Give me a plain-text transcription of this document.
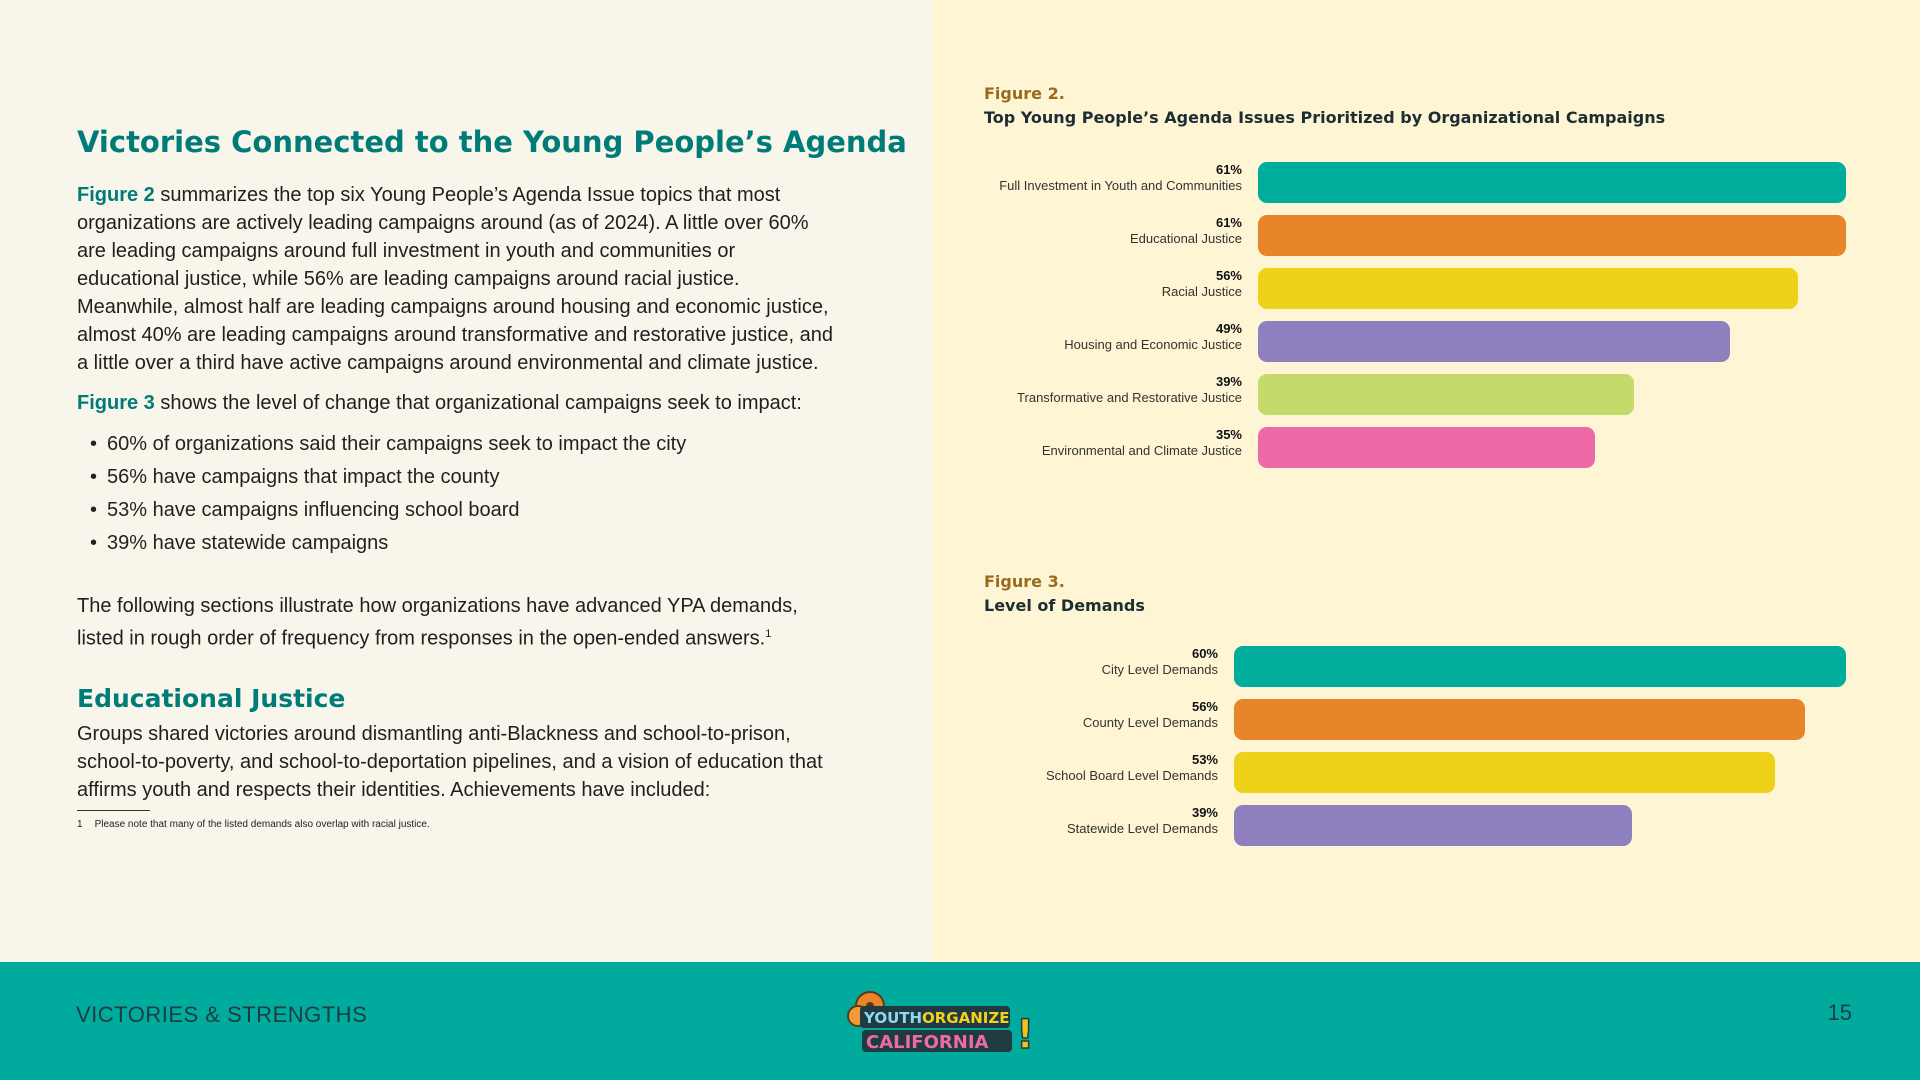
Victories Connected to the Young People’s Agenda

Figure 2 summarizes the top six Young People’s Agenda Issue topics that most organizations are actively leading campaigns around (as of 2024). A little over 60% are leading campaigns around full investment in youth and communities or educational justice, while 56% are leading campaigns around racial justice. Meanwhile, almost half are leading campaigns around housing and economic justice, almost 40% are leading campaigns around transformative and restorative justice, and a little over a third have active campaigns around environmental and climate justice.

Figure 3 shows the level of change that organizational campaigns seek to impact:

• 60% of organizations said their campaigns seek to impact the city
• 56% have campaigns that impact the county
• 53% have campaigns influencing school board
• 39% have statewide campaigns

The following sections illustrate how organizations have advanced YPA demands, listed in rough order of frequency from responses in the open-ended answers.$^1$

Educational Justice

Groups shared victories around dismantling anti-Blackness and school-to-prison, school-to-poverty, and school-to-deportation pipelines, and a vision of education that affirms youth and respects their identities. Achievements have included:

1 Please note that many of the listed demands also overlap with racial justice.
Figure 2.
Top Young People’s Agenda Issues Prioritized by Organizational Campaigns
61%
Full Investment in Youth and Communities
61%
Educational Justice
56%
Racial Justice
49%
Housing and Economic Justice
39%
Transformative and Restorative Justice
35%
Environmental and Climate Justice
Figure 3.
Level of Demands
60%
City Level Demands
56%
County Level Demands
53%
School Board Level Demands
39%
Statewide Level Demands
VICTORIES & STRENGTHS	YOUTH ORGANIZE
CALIFORNIA !	15
